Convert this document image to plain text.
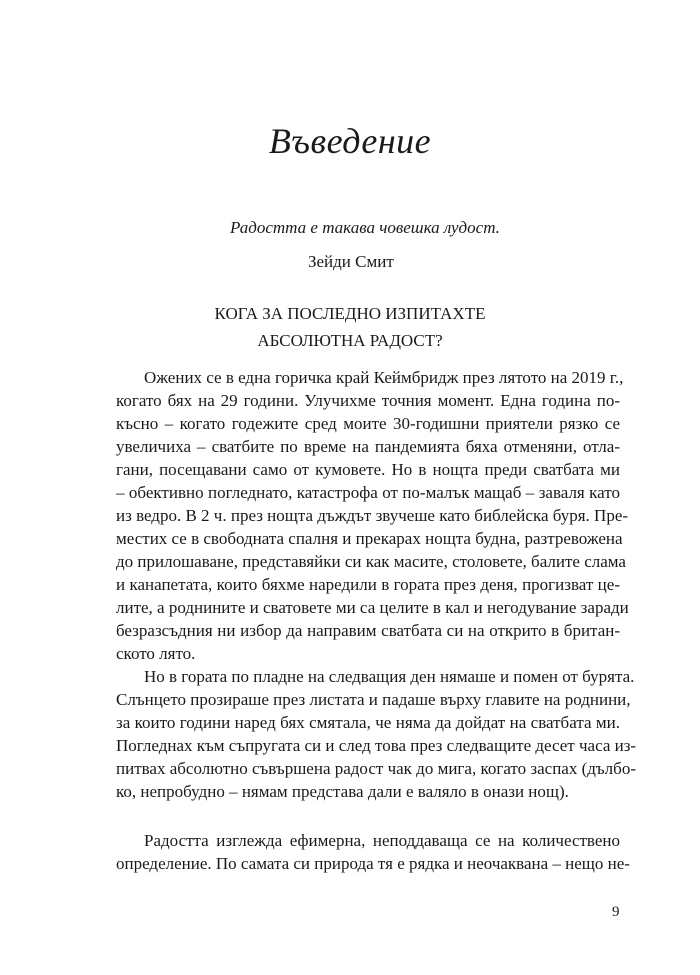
Въведение
Радостта е такава човешка лудост.
Зейди Смит
КОГА ЗА ПОСЛЕДНО ИЗПИТАХТЕ
АБСОЛЮТНА РАДОСТ?
Ожених се в една горичка край Кеймбридж през лятото на 2019 г.,
когато бях на 29 години. Улучихме точния момент. Една година по-
късно – когато годежите сред моите 30-годишни приятели рязко се
увеличиха – сватбите по време на пандемията бяха отменяни, отла-
гани, посещавани само от кумовете. Но в нощта преди сватбата ми
– обективно погледнато, катастрофа от по-малък мащаб – заваля като
из ведро. В 2 ч. през нощта дъждът звучеше като библейска буря. Пре-
местих се в свободната спалня и прекарах нощта будна, разтревожена
до прилошаване, представяйки си как масите, столовете, балите слама
и канапетата, които бяхме наредили в гората през деня, прогизват це-
лите, а роднините и сватовете ми са целите в кал и негодувание заради
безразсъдния ни избор да направим сватбата си на открито в британ-
ското лято.
Но в гората по пладне на следващия ден нямаше и помен от бурята.
Слънцето прозираше през листата и падаше върху главите на роднини,
за които години наред бях смятала, че няма да дойдат на сватбата ми.
Погледнах към съпругата си и след това през следващите десет часа из-
питвах абсолютно съвършена радост чак до мига, когато заспах (дълбо-
ко, непробудно – нямам представа дали е валяло в онази нощ).
Радостта изглежда ефимерна, неподдаваща се на количествено
определение. По самата си природа тя е рядка и неочаквана – нещо не-
9
